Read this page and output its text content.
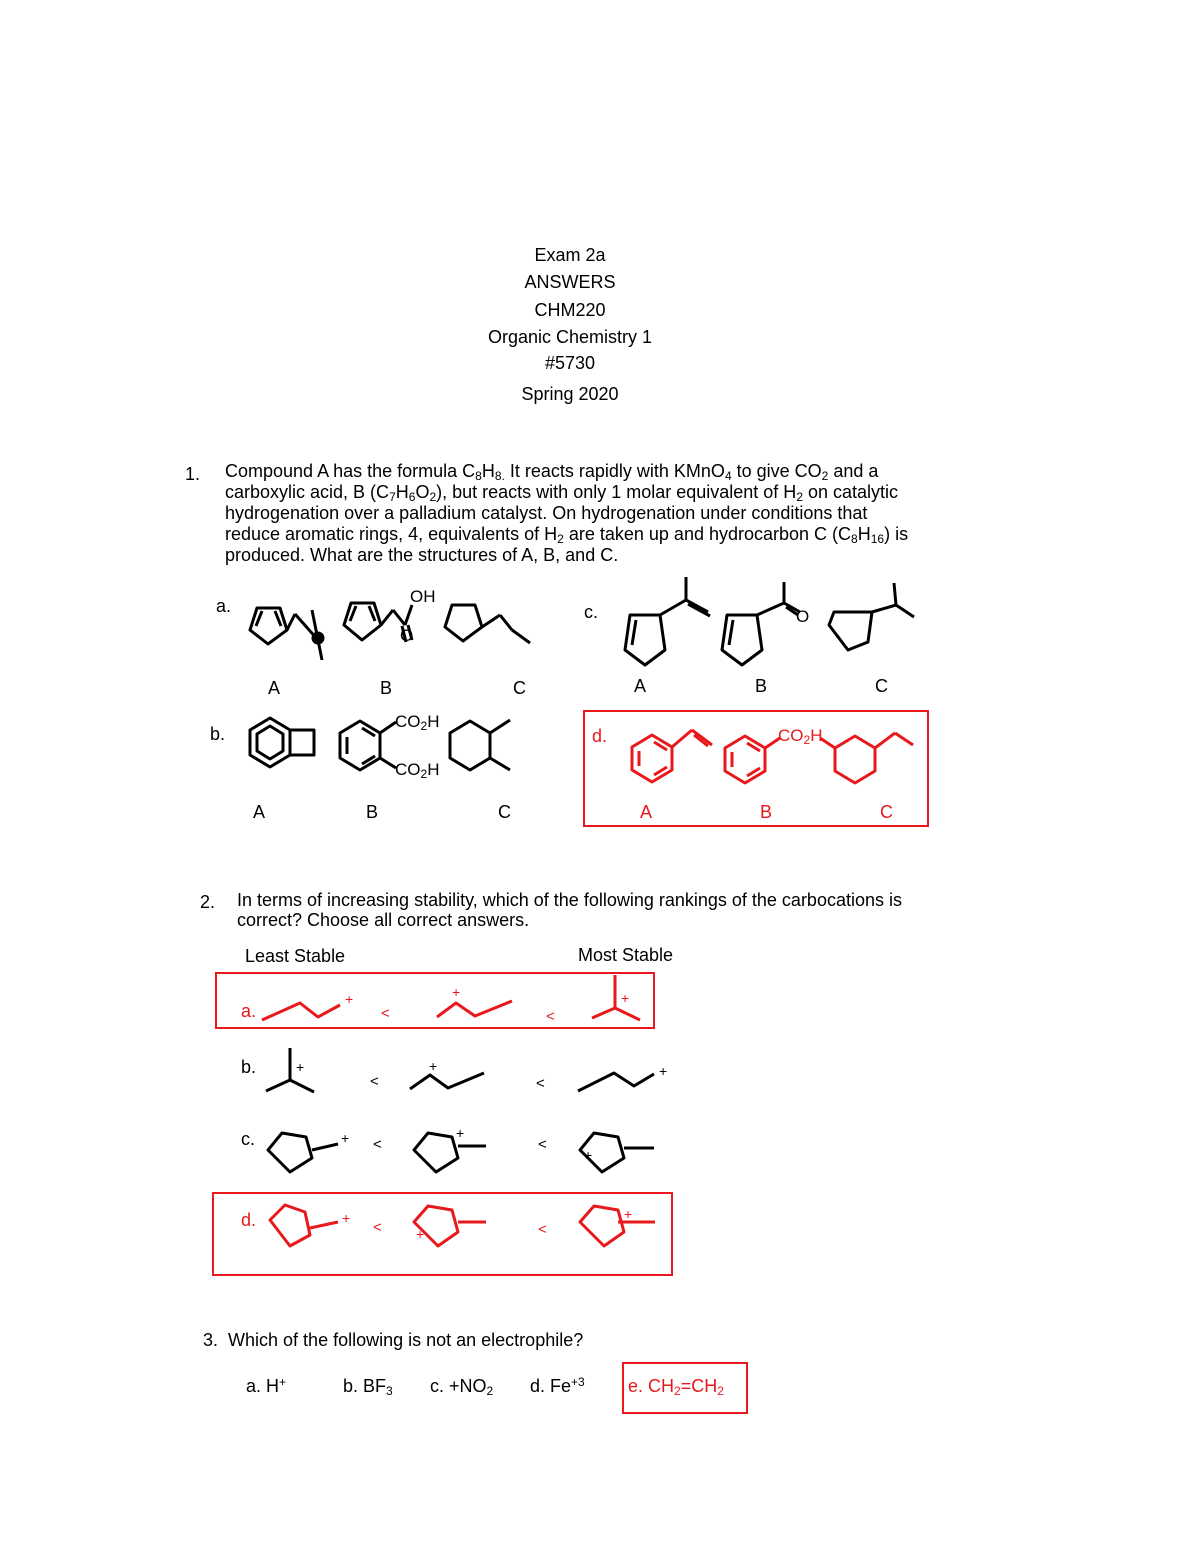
Exam 2a
ANSWERS
CHM220
Organic Chemistry 1
#5730
Spring 2020
1. Compound A has the formula $C_8H_{8.}$ It reacts rapidly with KMnO$_4$ to give $CO_2$ and a
carboxylic acid, B $(C_7H_6O_2)$, but reacts with only 1 molar equivalent of $H_2$ on catalytic
hydrogenation over a palladium catalyst. On hydrogenation under conditions that
reduce aromatic rings, 4, equivalents of $H_2$ are taken up and hydrocarbon C $(C_8H_{16})$ is
produced. What are the structures of A, B, and C.
a.	c.
b.	d.
A	B	C	A	B	C
A	B	C	A	B	C
OH
O
O
$CO_2H$
$CO_2H$
$CO_2H$
2. In terms of increasing stability, which of the following rankings of the carbocations is
correct? Choose all correct answers.
Least Stable	Most Stable
a.
b.
c.
d.
<	<
<	<
<	<
<	<
+	+	+
+	+	+
+	+
+
+
+
+
3. Which of the following is not an electrophile?
a. H+	b. $BF_3$ c. $+NO_2$ d. $Fe^{+3}$ e. $CH_2=CH_2$
